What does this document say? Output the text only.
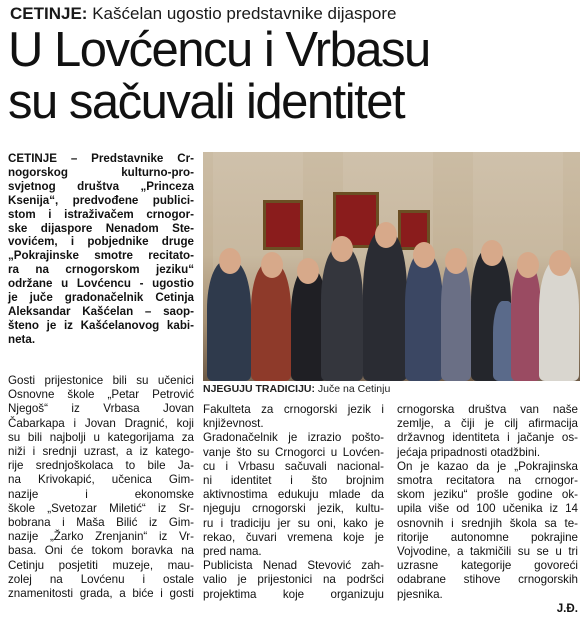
CETINJE: Kašćelan ugostio predstavnike dijaspore
U Lovćencu i Vrbasu
su sačuvali identitet
CETINJE – Predstavnike Cr-
nogorskog kulturno-pro-
svjetnog društva „Princeza
Ksenija“, predvođene publici-
stom i istraživačem crnogor-
ske dijaspore Nenadom Ste-
vovićem, i pobjednike druge
„Pokrajinske smotre recitato-
ra na crnogorskom jeziku“
održane u Lovćencu - ugostio
je juče gradonačelnik Cetinja
Aleksandar Kašćelan – saop-
šteno je iz Kašćelanovog kabi-
neta.
NJEGUJU TRADICIJU: Juče na Cetinju
Gosti prijestonice bili su učenici
Osnovne škole „Petar Petrović
Njegoš“ iz Vrbasa Jovan
Čabarkapa i Jovan Dragnić, koji
su bili najbolji u kategorijama za
niži i srednji uzrast, a iz katego-
rije srednjoškolaca to bile Ja-
na Krivokapić, učenica Gim-
nazije i ekonomske
škole „Svetozar Miletić“ iz Sr-
bobrana i Maša Bilić iz Gim-
nazije „Žarko Zrenjanin“ iz Vr-
basa. Oni će tokom boravka na
Cetinju posjetiti muzeje, mau-
zolej na Lovćenu i ostale
znamenitosti grada, a biće i gosti
Fakulteta za crnogorski jezik i
književnost.
Gradonačelnik je izrazio pošto-
vanje što su Crnogorci u Lovćen-
cu i Vrbasu sačuvali nacional-
ni identitet i što brojnim
aktivnostima edukuju mlade da
njeguju crnogorski jezik, kultu-
ru i tradiciju jer su oni, kako je
rekao, čuvari vremena koje je
pred nama.
Publicista Nenad Stevović zah-
valio je prijestonici na podršci
projektima koje organizuju
crnogorska društva van naše
zemlje, a čiji je cilj afirmacija
državnog identiteta i jačanje os-
jećaja pripadnosti otadžbini.
On je kazao da je „Pokrajinska
smotra recitatora na crnogor-
skom jeziku“ prošle godine ok-
upila više od 100 učenika iz 14
osnovnih i srednjih škola sa te-
ritorije autonomne pokrajine
Vojvodine, a takmičili su se u tri
uzrasne kategorije govoreći
odabrane stihove crnogorskih
pjesnika.
J.Đ.
